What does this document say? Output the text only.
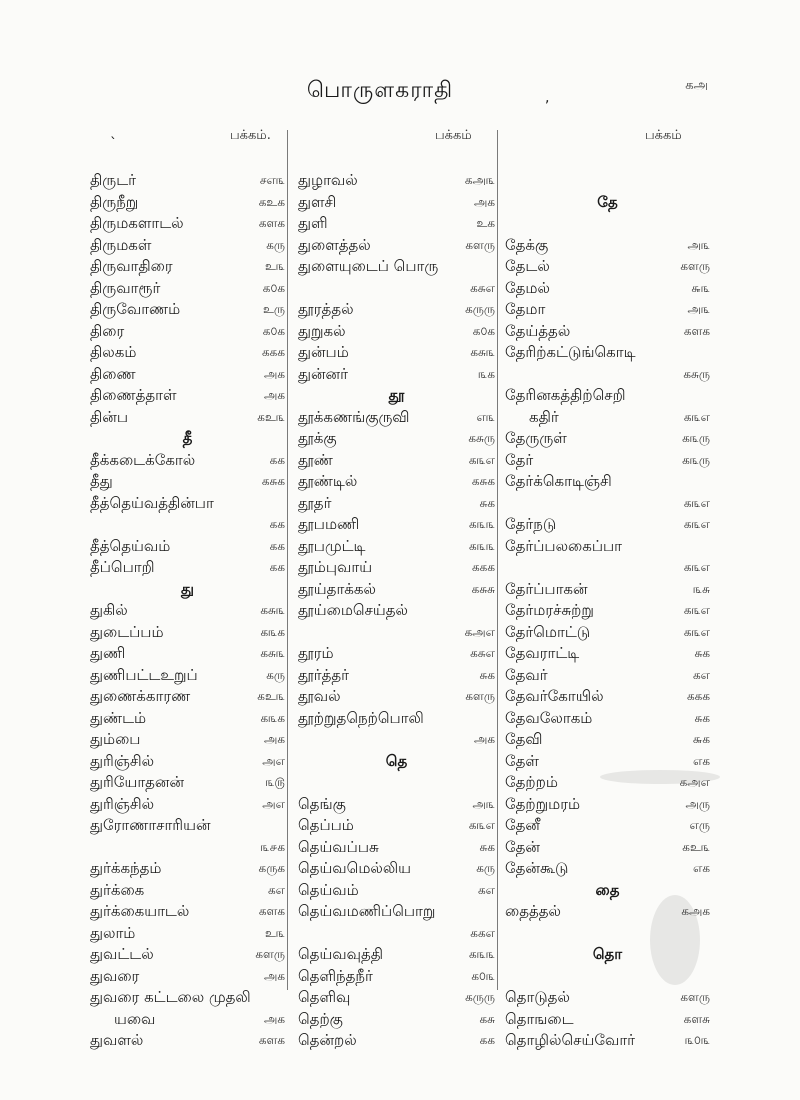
பொருளகராதி	கஅ
பக்கம்.	பக்கம்	பக்கம்
ˋ
,
திருடர்	சஎ௩
திருநீறு	கஉக
திருமகளாடல்	களக
திருமகள்	கரு
திருவாதிரை	உ௩
திருவாரூர்	க௦க
திருவோணம்	உரு
திரை	க௦க
திலகம்	ககக
திணை	அக
திணைத்தாள்	அக
தின்ப	கஉ௩
தீ
தீக்கடைக்கோல்	கக
தீது	கசுக
தீத்தெய்வத்தின்பா
கக
தீத்தெய்வம்	கக
தீப்பொறி	கக
து
துகில்	கசு௩
துடைப்பம்	க௩க
துணி	கசு௩
துணிபட்டஉறுப்	கரு
துணைக்காரண	கஉ௩
துண்டம்	க௩க
தும்பை	அக
துரிஞ்சில்	அஎ
துரியோதனன்	௩௫
துரிஞ்சில்	அஎ
துரோணாசாரியன்
௩௪க
துர்க்கந்தம்	கருக
துர்க்கை	கஎ
துர்க்கையாடல்	களக
துலாம்	உ௩
துவட்டல்	களரு
துவரை	அக
துவரை கட்டலை முதலி
யவை	அக
துவளல்	களக
துழாவல்	கஅ௩
துளசி	அக
துளி	உக
துளைத்தல்	களரு
துளையுடைப் பொரு
கசுஎ
தூரத்தல்	கருரு
துறுகல்	க௦க
துன்பம்	கசு௩
துன்னர்	௩க
தூ
தூக்கணங்குருவி	எ௩
தூக்கு	கசுரு
தூண்	க௩எ
தூண்டில்	கசுக
தூதர்	சுக
தூபமணி	க௩௩
தூபமுட்டி	க௩௩
தூம்புவாய்	ககக
தூய்தாக்கல்	கசுசு
தூய்மைசெய்தல்
கஅஎ
தூரம்	கசுஎ
தூர்த்தர்	சுக
தூவல்	களரு
தூற்றுதநெற்பொலி
அக
தெ
தெங்கு	அ௩
தெப்பம்	க௩எ
தெய்வப்பசு	சுக
தெய்வமெல்லிய	கரு
தெய்வம்	கஎ
தெய்வமணிப்பொறு
ககஎ
தெய்வவுத்தி	க௩௩
தெளிந்தநீர்	க௦௩
தெளிவு	கருரு
தெற்கு	கசு
தென்றல்	கக
தே
தேக்கு	அ௩
தேடல்	களரு
தேமல்	௬௩
தேமா	அ௩
தேய்த்தல்	களக
தேரிற்கட்டுங்கொடி
கசுரு
தேரினகத்திற்செறி
கதிர்	க௩எ
தேருருள்	க௩ரு
தேர்	க௩ரு
தேர்க்கொடிஞ்சி
க௩எ
தேர்நடு	க௩எ
தேர்ப்பலகைப்பா
க௩எ
தேர்ப்பாகன்	௩சு
தேர்மரச்சுற்று	க௩எ
தேர்மொட்டு	க௩எ
தேவராட்டி	சுக
தேவர்	கஎ
தேவர்கோயில்	ககக
தேவலோகம்	சுக
தேவி	௬க
தேள்	எக
தேற்றம்	கஅஎ
தேற்றுமரம்	அரு
தேனீ	எரு
தேன்	கஉ௩
தேன்கூடு	எக
தை
தைத்தல்	கஅக
தொ
தொடுதல்	களரு
தொஙடை	களசு
தொழில்செய்வோர்	௩௦௩
